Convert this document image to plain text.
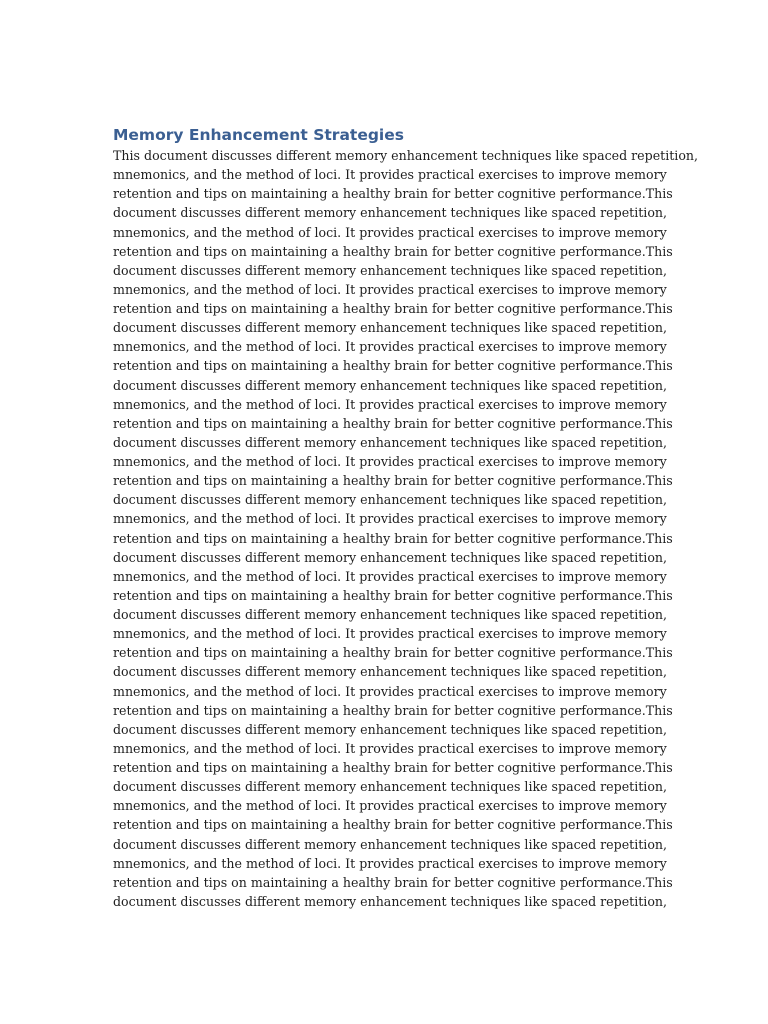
Memory Enhancement Strategies
This document discusses different memory enhancement techniques like spaced repetition,
mnemonics, and the method of loci. It provides practical exercises to improve memory
retention and tips on maintaining a healthy brain for better cognitive performance.This
document discusses different memory enhancement techniques like spaced repetition,
mnemonics, and the method of loci. It provides practical exercises to improve memory
retention and tips on maintaining a healthy brain for better cognitive performance.This
document discusses different memory enhancement techniques like spaced repetition,
mnemonics, and the method of loci. It provides practical exercises to improve memory
retention and tips on maintaining a healthy brain for better cognitive performance.This
document discusses different memory enhancement techniques like spaced repetition,
mnemonics, and the method of loci. It provides practical exercises to improve memory
retention and tips on maintaining a healthy brain for better cognitive performance.This
document discusses different memory enhancement techniques like spaced repetition,
mnemonics, and the method of loci. It provides practical exercises to improve memory
retention and tips on maintaining a healthy brain for better cognitive performance.This
document discusses different memory enhancement techniques like spaced repetition,
mnemonics, and the method of loci. It provides practical exercises to improve memory
retention and tips on maintaining a healthy brain for better cognitive performance.This
document discusses different memory enhancement techniques like spaced repetition,
mnemonics, and the method of loci. It provides practical exercises to improve memory
retention and tips on maintaining a healthy brain for better cognitive performance.This
document discusses different memory enhancement techniques like spaced repetition,
mnemonics, and the method of loci. It provides practical exercises to improve memory
retention and tips on maintaining a healthy brain for better cognitive performance.This
document discusses different memory enhancement techniques like spaced repetition,
mnemonics, and the method of loci. It provides practical exercises to improve memory
retention and tips on maintaining a healthy brain for better cognitive performance.This
document discusses different memory enhancement techniques like spaced repetition,
mnemonics, and the method of loci. It provides practical exercises to improve memory
retention and tips on maintaining a healthy brain for better cognitive performance.This
document discusses different memory enhancement techniques like spaced repetition,
mnemonics, and the method of loci. It provides practical exercises to improve memory
retention and tips on maintaining a healthy brain for better cognitive performance.This
document discusses different memory enhancement techniques like spaced repetition,
mnemonics, and the method of loci. It provides practical exercises to improve memory
retention and tips on maintaining a healthy brain for better cognitive performance.This
document discusses different memory enhancement techniques like spaced repetition,
mnemonics, and the method of loci. It provides practical exercises to improve memory
retention and tips on maintaining a healthy brain for better cognitive performance.This
document discusses different memory enhancement techniques like spaced repetition,
